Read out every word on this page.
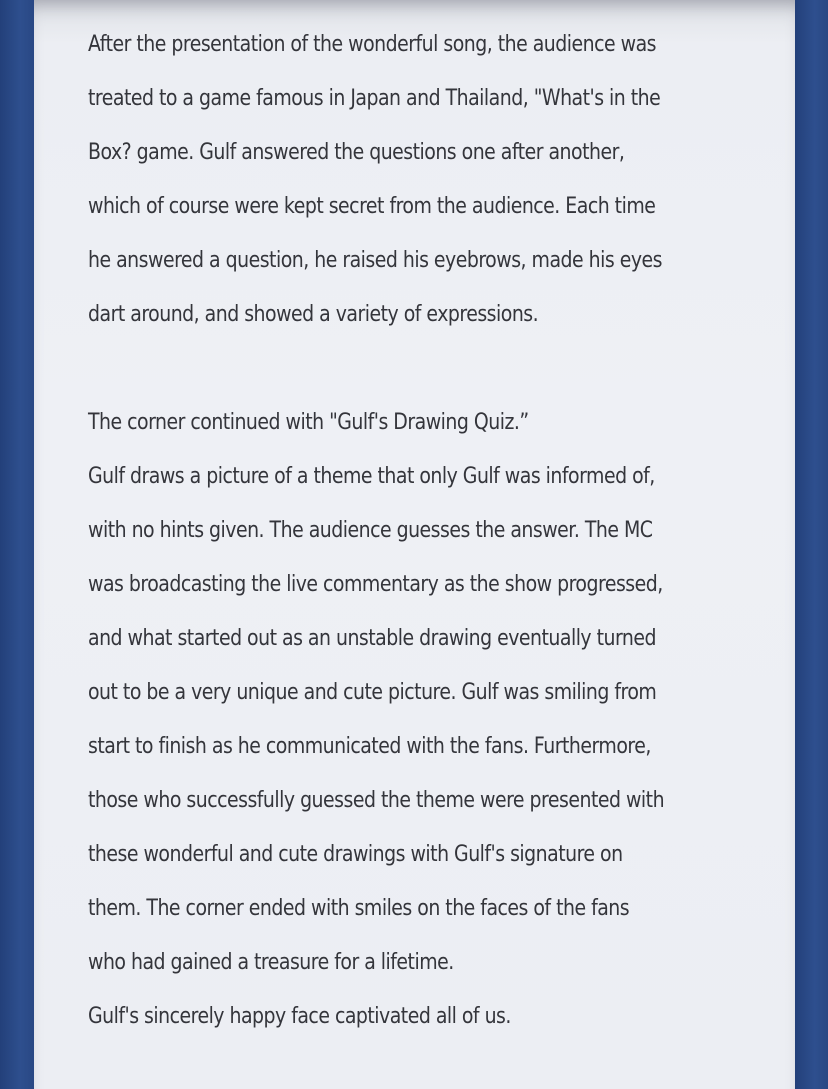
After the presentation of the wonderful song, the audience was
treated to a game famous in Japan and Thailand, "What's in the
Box? game. Gulf answered the questions one after another,
which of course were kept secret from the audience. Each time
he answered a question, he raised his eyebrows, made his eyes
dart around, and showed a variety of expressions.
The corner continued with "Gulf's Drawing Quiz.”
Gulf draws a picture of a theme that only Gulf was informed of,
with no hints given. The audience guesses the answer. The MC
was broadcasting the live commentary as the show progressed,
and what started out as an unstable drawing eventually turned
out to be a very unique and cute picture. Gulf was smiling from
start to finish as he communicated with the fans. Furthermore,
those who successfully guessed the theme were presented with
these wonderful and cute drawings with Gulf's signature on
them. The corner ended with smiles on the faces of the fans
who had gained a treasure for a lifetime.
Gulf's sincerely happy face captivated all of us.
